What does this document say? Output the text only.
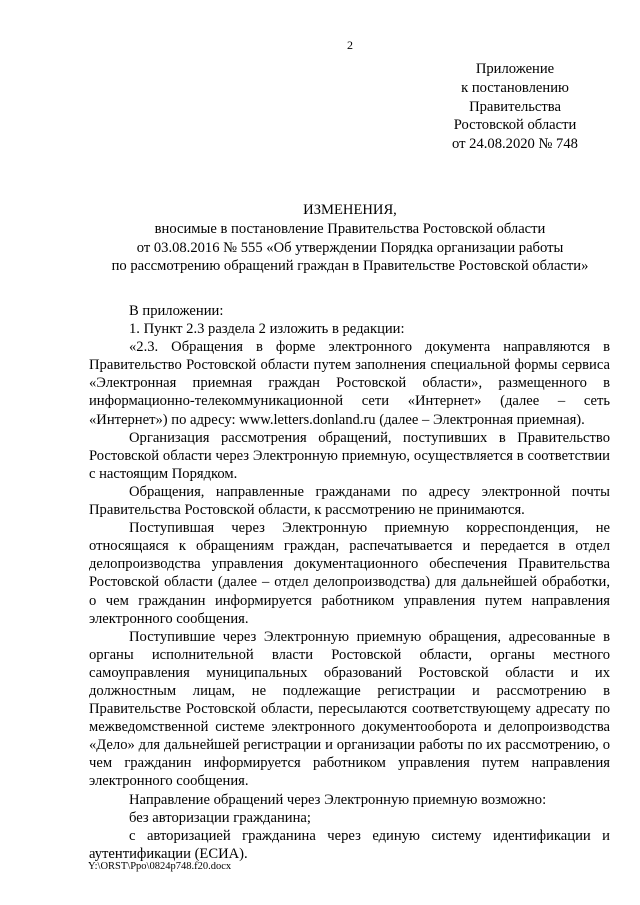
2
Приложение
к постановлению
Правительства
Ростовской области
от 24.08.2020 № 748
ИЗМЕНЕНИЯ,
вносимые в постановление Правительства Ростовской области
от 03.08.2016 № 555 «Об утверждении Порядка организации работы
по рассмотрению обращений граждан в Правительстве Ростовской области»

В приложении:

1. Пункт 2.3 раздела 2 изложить в редакции:

«2.3. Обращения в форме электронного документа направляются в Правительство Ростовской области путем заполнения специальной формы сервиса «Электронная приемная граждан Ростовской области», размещенного в информационно-телекоммуникационной сети «Интернет» (далее – сеть «Интернет») по адресу: www.letters.donland.ru (далее – Электронная приемная).

Организация рассмотрения обращений, поступивших в Правительство Ростовской области через Электронную приемную, осуществляется в соответствии с настоящим Порядком.

Обращения, направленные гражданами по адресу электронной почты Правительства Ростовской области, к рассмотрению не принимаются.

Поступившая через Электронную приемную корреспонденция, не относящаяся к обращениям граждан, распечатывается и передается в отдел делопроизводства управления документационного обеспечения Правительства Ростовской области (далее – отдел делопроизводства) для дальнейшей обработки, о чем гражданин информируется работником управления путем направления электронного сообщения.

Поступившие через Электронную приемную обращения, адресованные в органы исполнительной власти Ростовской области, органы местного самоуправления муниципальных образований Ростовской области и их должностным лицам, не подлежащие регистрации и рассмотрению в Правительстве Ростовской области, пересылаются соответствующему адресату по межведомственной системе электронного документооборота и делопроизводства «Дело» для дальнейшей регистрации и организации работы по их рассмотрению, о чем гражданин информируется работником управления путем направления электронного сообщения.

Направление обращений через Электронную приемную возможно:

без авторизации гражданина;

с авторизацией гражданина через единую систему идентификации и аутентификации (ЕСИА).

Y:\ORST\Ppo\0824p748.f20.docx
